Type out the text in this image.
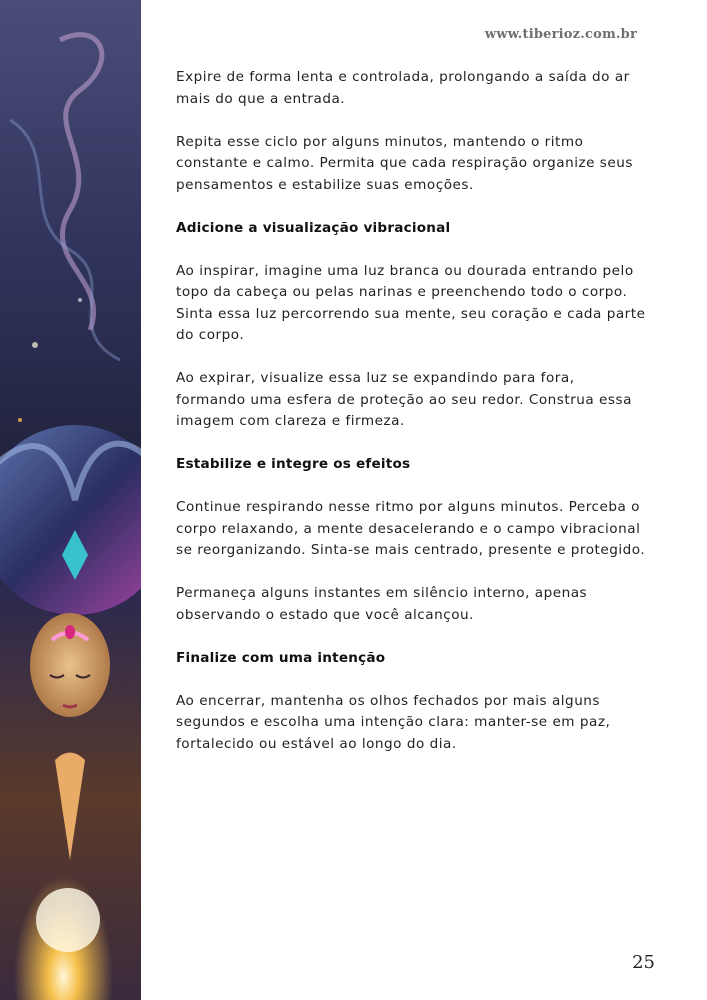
www.tiberioz.com.br

Expire de forma lenta e controlada, prolongando a saída do ar mais do que a entrada.

Repita esse ciclo por alguns minutos, mantendo o ritmo constante e calmo. Permita que cada respiração organize seus pensamentos e estabilize suas emoções.

Adicione a visualização vibracional

Ao inspirar, imagine uma luz branca ou dourada entrando pelo topo da cabeça ou pelas narinas e preenchendo todo o corpo. Sinta essa luz percorrendo sua mente, seu coração e cada parte do corpo.

Ao expirar, visualize essa luz se expandindo para fora, formando uma esfera de proteção ao seu redor. Construa essa imagem com clareza e firmeza.

Estabilize e integre os efeitos

Continue respirando nesse ritmo por alguns minutos. Perceba o corpo relaxando, a mente desacelerando e o campo vibracional se reorganizando. Sinta-se mais centrado, presente e protegido.

Permaneça alguns instantes em silêncio interno, apenas observando o estado que você alcançou.

Finalize com uma intenção

Ao encerrar, mantenha os olhos fechados por mais alguns segundos e escolha uma intenção clara: manter-se em paz, fortalecido ou estável ao longo do dia.

25
